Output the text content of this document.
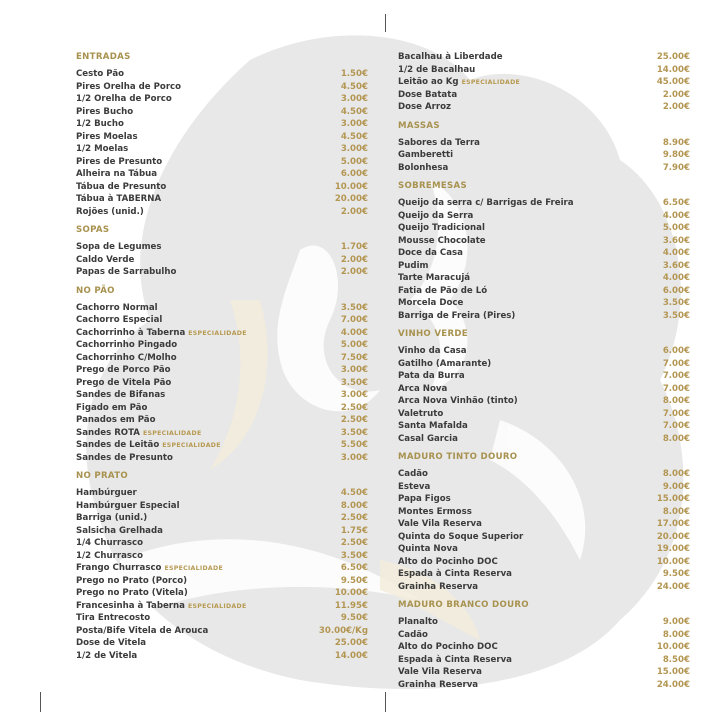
ENTRADAS
Cesto Pão	1.50€
Pires Orelha de Porco	4.50€
1/2 Orelha de Porco	3.00€
Pires Bucho	4.50€
1/2 Bucho	3.00€
Pires Moelas	4.50€
1/2 Moelas	3.00€
Pires de Presunto	5.00€
Alheira na Tábua	6.00€
Tábua de Presunto	10.00€
Tábua à TABERNA	20.00€
Rojões (unid.)	2.00€
SOPAS
Sopa de Legumes	1.70€
Caldo Verde	2.00€
Papas de Sarrabulho	2.00€
NO PÃO
Cachorro Normal	3.50€
Cachorro Especial	7.00€
Cachorrinho à Taberna ESPECIALIDADE	4.00€
Cachorrinho Pingado	5.00€
Cachorrinho C/Molho	7.50€
Prego de Porco Pão	3.00€
Prego de Vitela Pão	3.50€
Sandes de Bifanas	3.00€
Figado em Pão	2.50€
Panados em Pão	2.50€
Sandes ROTA ESPECIALIDADE	3.50€
Sandes de Leitão ESPECIALIDADE	5.50€
Sandes de Presunto	3.00€
NO PRATO
Hambúrguer	4.50€
Hambúrguer Especial	8.00€
Barriga (unid.)	2.50€
Salsicha Grelhada	1.75€
1/4 Churrasco	2.50€
1/2 Churrasco	3.50€
Frango Churrasco ESPECIALIDADE	6.50€
Prego no Prato (Porco)	9.50€
Prego no Prato (Vitela)	10.00€
Francesinha à Taberna ESPECIALIDADE	11.95€
Tira Entrecosto	9.50€
Posta/Bife Vitela de Arouca	30.00€/Kg
Dose de Vitela	25.00€
1/2 de Vitela	14.00€
Bacalhau à Liberdade	25.00€
1/2 de Bacalhau	14.00€
Leitão ao Kg ESPECIALIDADE	45.00€
Dose Batata	2.00€
Dose Arroz	2.00€
MASSAS
Sabores da Terra	8.90€
Gamberetti	9.80€
Bolonhesa	7.90€
SOBREMESAS
Queijo da serra c/ Barrigas de Freira	6.50€
Queijo da Serra	4.00€
Queijo Tradicional	5.00€
Mousse Chocolate	3.60€
Doce da Casa	4.00€
Pudim	3.60€
Tarte Maracujá	4.00€
Fatia de Pão de Ló	6.00€
Morcela Doce	3.50€
Barriga de Freira (Pires)	3.50€
VINHO VERDE
Vinho da Casa	6.00€
Gatilho (Amarante)	7.00€
Pata da Burra	7.00€
Arca Nova	7.00€
Arca Nova Vinhão (tinto)	8.00€
Valetruto	7.00€
Santa Mafalda	7.00€
Casal Garcia	8.00€
MADURO TINTO DOURO
Cadão	8.00€
Esteva	9.00€
Papa Figos	15.00€
Montes Ermoss	8.00€
Vale Vila Reserva	17.00€
Quinta do Soque Superior	20.00€
Quinta Nova	19.00€
Alto do Pocinho DOC	10.00€
Espada à Cinta Reserva	9.50€
Grainha Reserva	24.00€
MADURO BRANCO DOURO
Planalto	9.00€
Cadão	8.00€
Alto do Pocinho DOC	10.00€
Espada à Cinta Reserva	8.50€
Vale Vila Reserva	15.00€
Grainha Reserva	24.00€
